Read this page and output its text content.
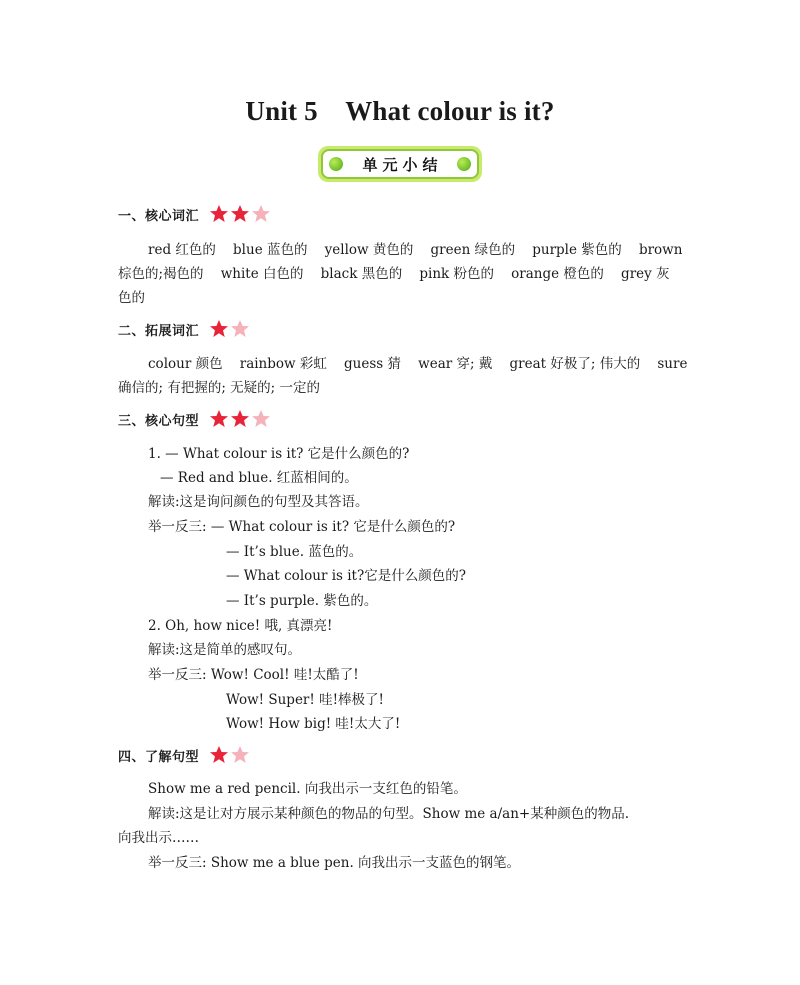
Unit 5    What colour is it?
单元小结
一、核心词汇
red 红色的    blue 蓝色的    yellow 黄色的    green 绿色的    purple 紫色的    brown
棕色的;褐色的    white 白色的    black 黑色的    pink 粉色的    orange 橙色的    grey 灰
色的
二、拓展词汇
colour 颜色    rainbow 彩虹    guess 猜    wear 穿; 戴    great 好极了; 伟大的    sure
确信的; 有把握的; 无疑的; 一定的
三、核心句型
1. — What colour is it? 它是什么颜色的?
— Red and blue. 红蓝相间的。
解读:这是询问颜色的句型及其答语。
举一反三: — What colour is it? 它是什么颜色的?
— It’s blue. 蓝色的。
— What colour is it?它是什么颜色的?
— It’s purple. 紫色的。
2. Oh, how nice! 哦, 真漂亮!
解读:这是简单的感叹句。
举一反三: Wow! Cool! 哇!太酷了!
Wow! Super! 哇!棒极了!
Wow! How big! 哇!太大了!
四、了解句型
Show me a red pencil. 向我出示一支红色的铅笔。
解读:这是让对方展示某种颜色的物品的句型。Show me a/an+某种颜色的物品.
向我出示……
举一反三: Show me a blue pen. 向我出示一支蓝色的钢笔。
